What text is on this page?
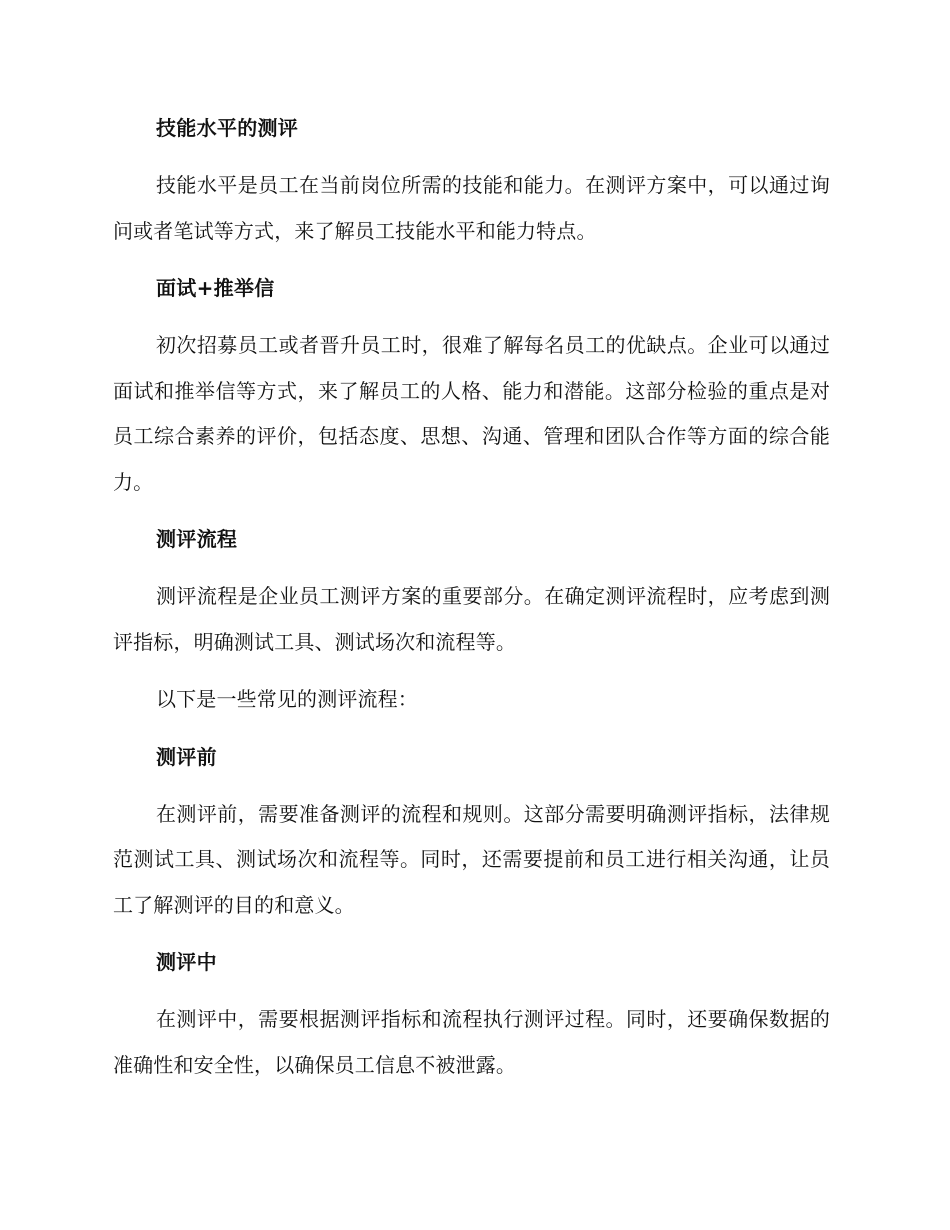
技能水平的测评

技能水平是员工在当前岗位所需的技能和能力。在测评方案中，可以通过询问或者笔试等方式，来了解员工技能水平和能力特点。

面试+推举信

初次招募员工或者晋升员工时，很难了解每名员工的优缺点。企业可以通过面试和推举信等方式，来了解员工的人格、能力和潜能。这部分检验的重点是对员工综合素养的评价，包括态度、思想、沟通、管理和团队合作等方面的综合能力。

测评流程

测评流程是企业员工测评方案的重要部分。在确定测评流程时，应考虑到测评指标，明确测试工具、测试场次和流程等。

以下是一些常见的测评流程：

测评前

在测评前，需要准备测评的流程和规则。这部分需要明确测评指标，法律规范测试工具、测试场次和流程等。同时，还需要提前和员工进行相关沟通，让员工了解测评的目的和意义。

测评中

在测评中，需要根据测评指标和流程执行测评过程。同时，还要确保数据的准确性和安全性，以确保员工信息不被泄露。
